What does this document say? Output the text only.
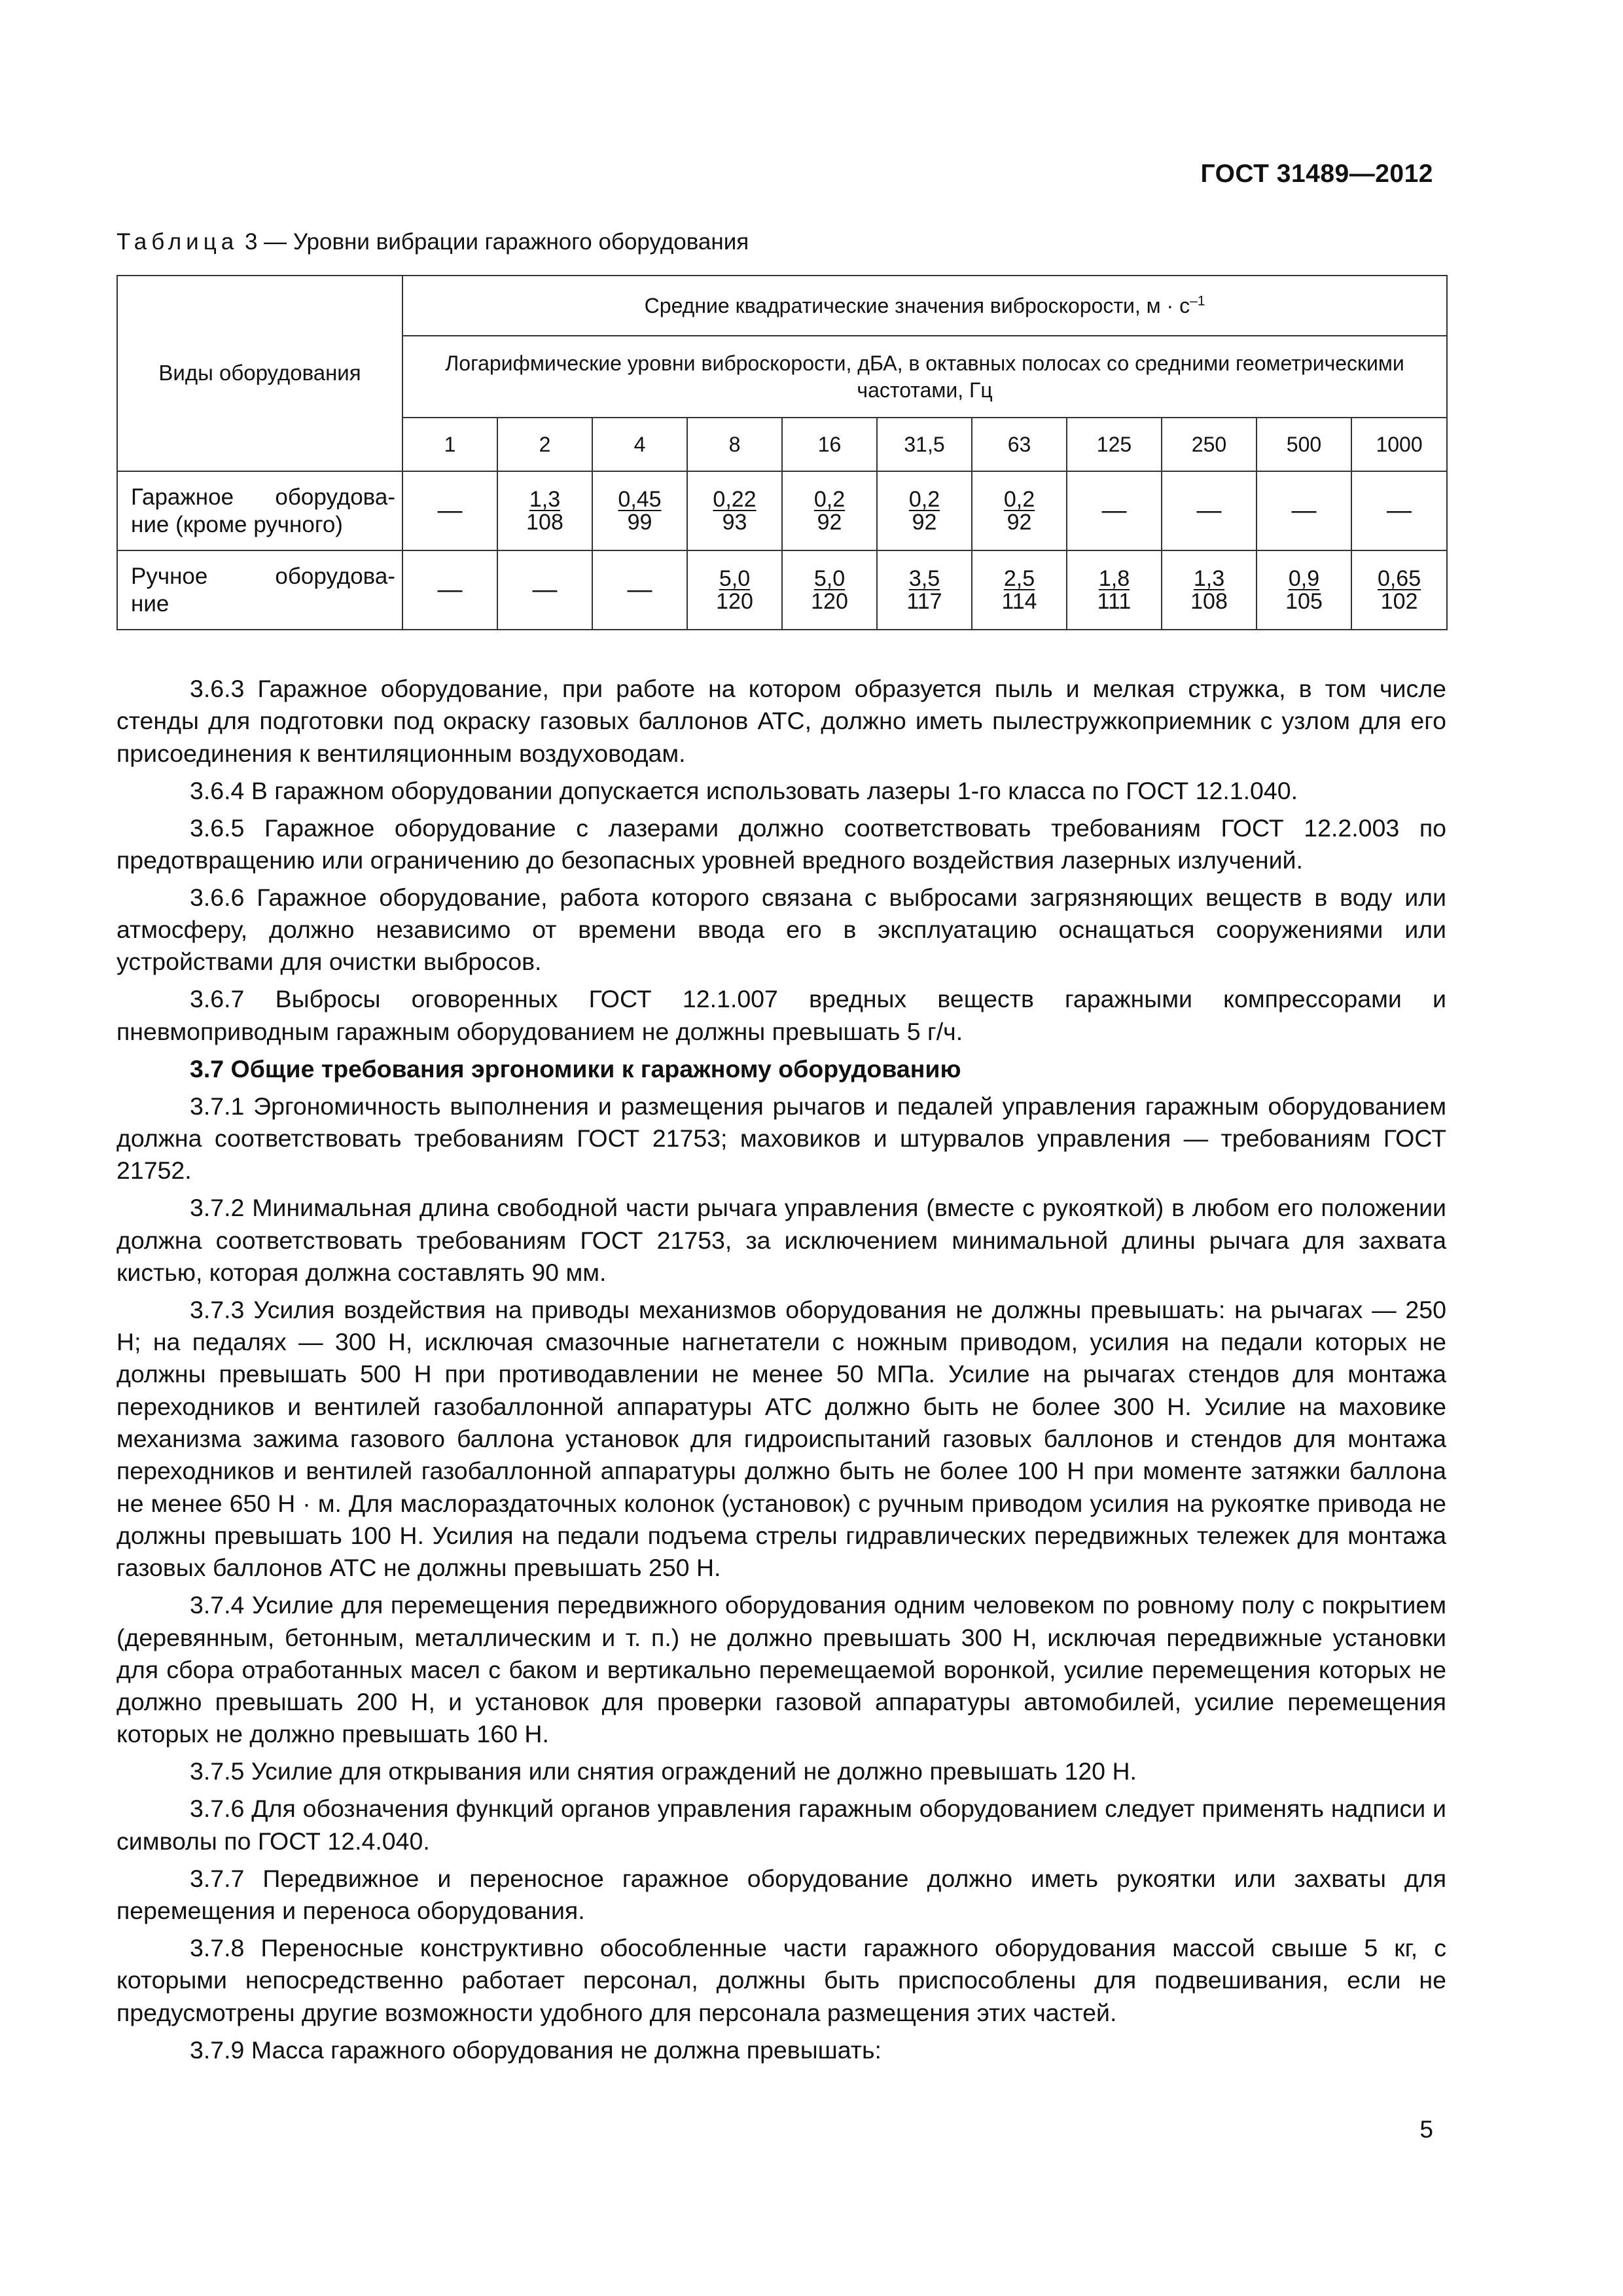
ГОСТ 31489—2012
Таблица 3 — Уровни вибрации гаражного оборудования
Виды оборудования	Средние квадратические значения виброскорости, $м \cdot с^{-1}$
	Логарифмические уровни виброскорости, дБА, в октавных полосах со средними геометрическими частотами, Гц										
	1	2	4	8	16	31,5	63	125	250	500	1000

Гаражное оборудова-
ние (кроме ручного)	—	$\frac{1,3}{108}$	$\frac{0,45}{99}$	$\frac{0,22}{93}$	$\frac{0,2}{92}$	$\frac{0,2}{92}$	$\frac{0,2}{92}$	—	—	—	—

Ручное оборудова-
ние	—	—	—	$\frac{5,0}{120}$	$\frac{5,0}{120}$	$\frac{3,5}{117}$	$\frac{2,5}{114}$	$\frac{1,8}{111}$	$\frac{1,3}{108}$	$\frac{0,9}{105}$	$\frac{0,65}{102}$

3.6.3 Гаражное оборудование, при работе на котором образуется пыль и мелкая стружка, в том числе стенды для подготовки под окраску газовых баллонов АТС, должно иметь пылестружкоприемник с узлом для его присоединения к вентиляционным воздуховодам.

3.6.4 В гаражном оборудовании допускается использовать лазеры 1-го класса по ГОСТ 12.1.040.

3.6.5 Гаражное оборудование с лазерами должно соответствовать требованиям ГОСТ 12.2.003 по предотвращению или ограничению до безопасных уровней вредного воздействия лазерных излучений.

3.6.6 Гаражное оборудование, работа которого связана с выбросами загрязняющих веществ в воду или атмосферу, должно независимо от времени ввода его в эксплуатацию оснащаться сооружениями или устройствами для очистки выбросов.

3.6.7 Выбросы оговоренных ГОСТ 12.1.007 вредных веществ гаражными компрессорами и пневмоприводным гаражным оборудованием не должны превышать 5 г/ч.

3.7 Общие требования эргономики к гаражному оборудованию

3.7.1 Эргономичность выполнения и размещения рычагов и педалей управления гаражным оборудованием должна соответствовать требованиям ГОСТ 21753; маховиков и штурвалов управления — требованиям ГОСТ 21752.

3.7.2 Минимальная длина свободной части рычага управления (вместе с рукояткой) в любом его положении должна соответствовать требованиям ГОСТ 21753, за исключением минимальной длины рычага для захвата кистью, которая должна составлять 90 мм.

3.7.3 Усилия воздействия на приводы механизмов оборудования не должны превышать: на рычагах — 250 Н; на педалях — 300 Н, исключая смазочные нагнетатели с ножным приводом, усилия на педали которых не должны превышать 500 Н при противодавлении не менее 50 МПа. Усилие на рычагах стендов для монтажа переходников и вентилей газобаллонной аппаратуры АТС должно быть не более 300 Н. Усилие на маховике механизма зажима газового баллона установок для гидроиспытаний газовых баллонов и стендов для монтажа переходников и вентилей газобаллонной аппаратуры должно быть не более 100 Н при моменте затяжки баллона не менее 650 Н · м. Для маслораздаточных колонок (установок) с ручным приводом усилия на рукоятке привода не должны превышать 100 Н. Усилия на педали подъема стрелы гидравлических передвижных тележек для монтажа газовых баллонов АТС не должны превышать 250 Н.

3.7.4 Усилие для перемещения передвижного оборудования одним человеком по ровному полу с покрытием (деревянным, бетонным, металлическим и т. п.) не должно превышать 300 Н, исключая передвижные установки для сбора отработанных масел с баком и вертикально перемещаемой воронкой, усилие перемещения которых не должно превышать 200 Н, и установок для проверки газовой аппаратуры автомобилей, усилие перемещения которых не должно превышать 160 Н.

3.7.5 Усилие для открывания или снятия ограждений не должно превышать 120 Н.

3.7.6 Для обозначения функций органов управления гаражным оборудованием следует применять надписи и символы по ГОСТ 12.4.040.

3.7.7 Передвижное и переносное гаражное оборудование должно иметь рукоятки или захваты для перемещения и переноса оборудования.

3.7.8 Переносные конструктивно обособленные части гаражного оборудования массой свыше 5 кг, с которыми непосредственно работает персонал, должны быть приспособлены для подвешивания, если не предусмотрены другие возможности удобного для персонала размещения этих частей.

3.7.9 Масса гаражного оборудования не должна превышать:

5
